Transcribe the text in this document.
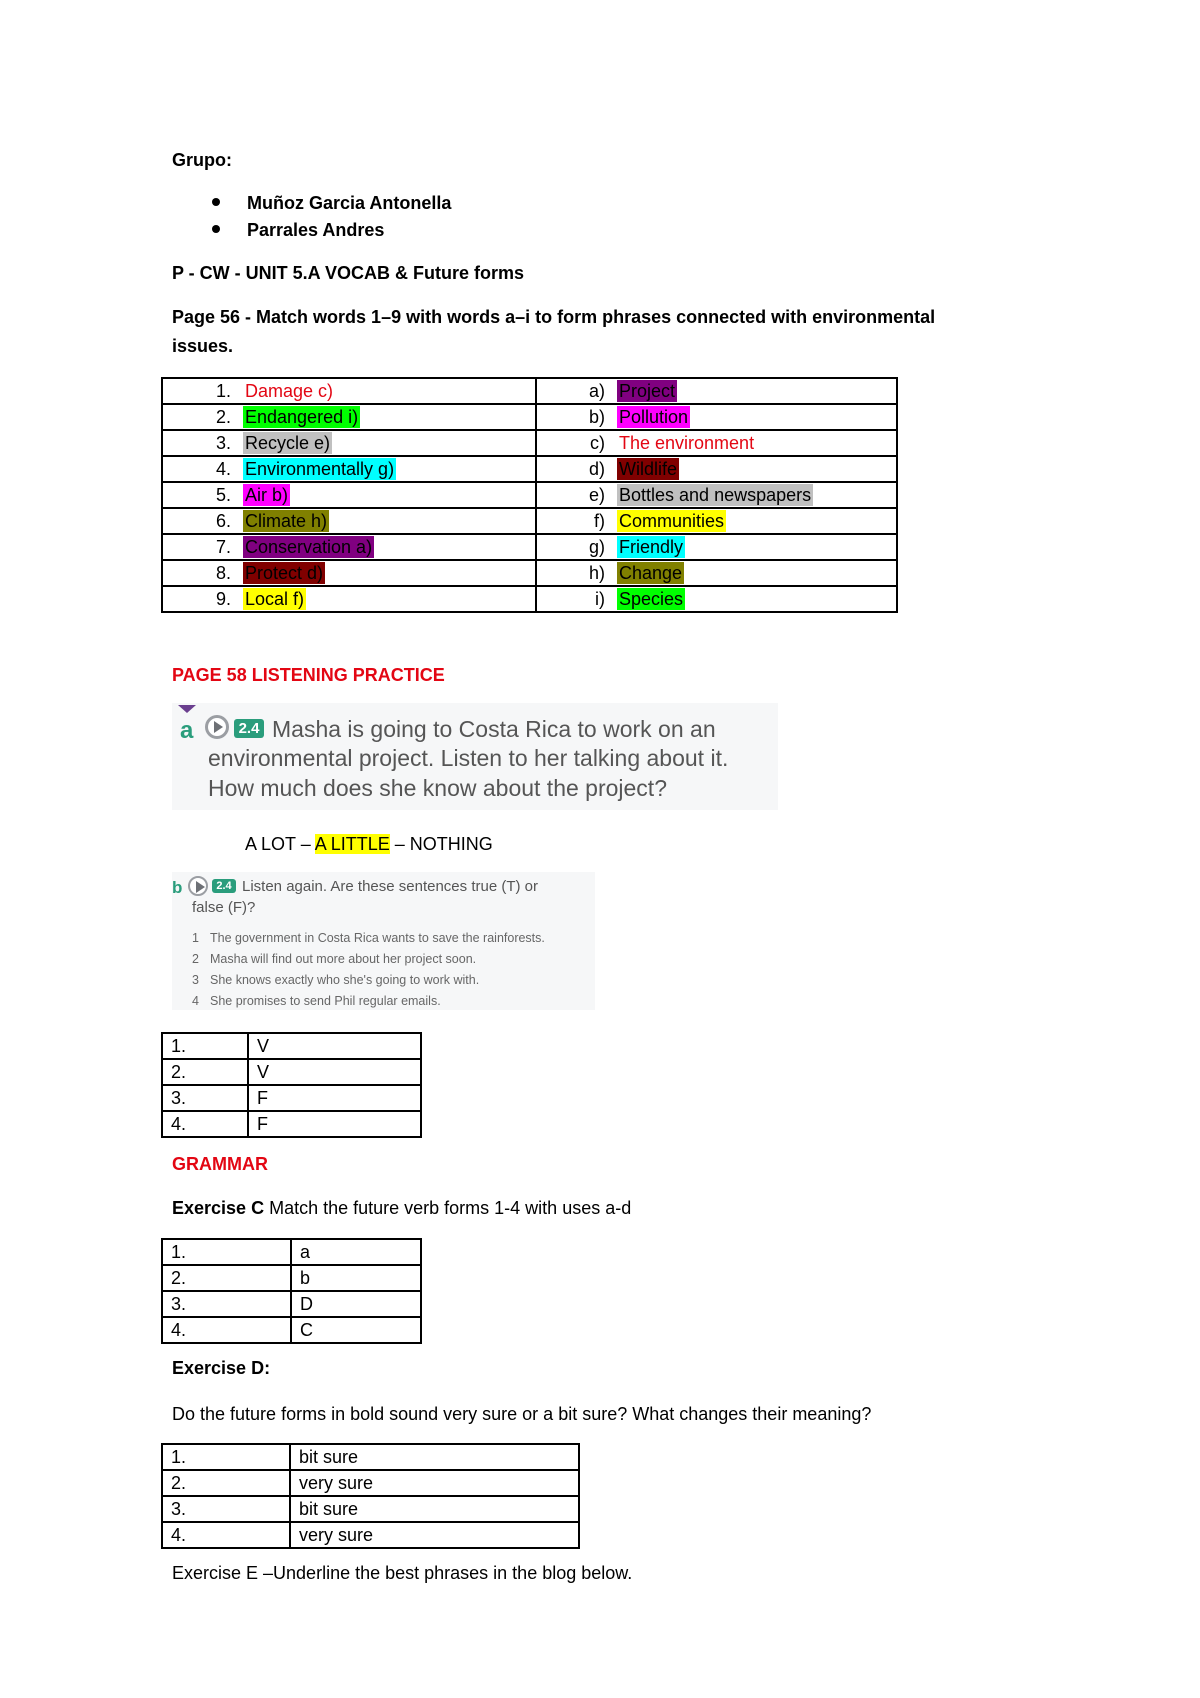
Grupo:
Muñoz Garcia Antonella
Parrales Andres
P - CW - UNIT 5.A VOCAB & Future forms
Page 56 - Match words 1–9 with words a–i to form phrases connected with environmental
issues.
1. Damage c)	a) Project
2. Endangered i)	b) Pollution
3. Recycle e)	c) The environment
4. Environmentally g)	d) Wildlife
5. Air b)	e) Bottles and newspapers
6. Climate h)	f) Communities
7. Conservation a)	g) Friendly
8. Protect d)	h) Change
9. Local f)	i) Species
PAGE 58 LISTENING PRACTICE
a	2.4 Masha is going to Costa Rica to work on an
environmental project. Listen to her talking about it.
How much does she know about the project?
A LOT – A LITTLE – NOTHING
b	2.4 Listen again. Are these sentences true (T) or
false (F)?
1 The government in Costa Rica wants to save the rainforests.
2 Masha will find out more about her project soon.
3 She knows exactly who she's going to work with.
4 She promises to send Phil regular emails.
1.	V
2.	V
3.	F
4.	F
GRAMMAR
Exercise C Match the future verb forms 1-4 with uses a-d
1.	a
2.	b
3.	D
4.	C
Exercise D:
Do the future forms in bold sound very sure or a bit sure? What changes their meaning?
1.	bit sure
2.	very sure
3.	bit sure
4.	very sure
Exercise E –Underline the best phrases in the blog below.
